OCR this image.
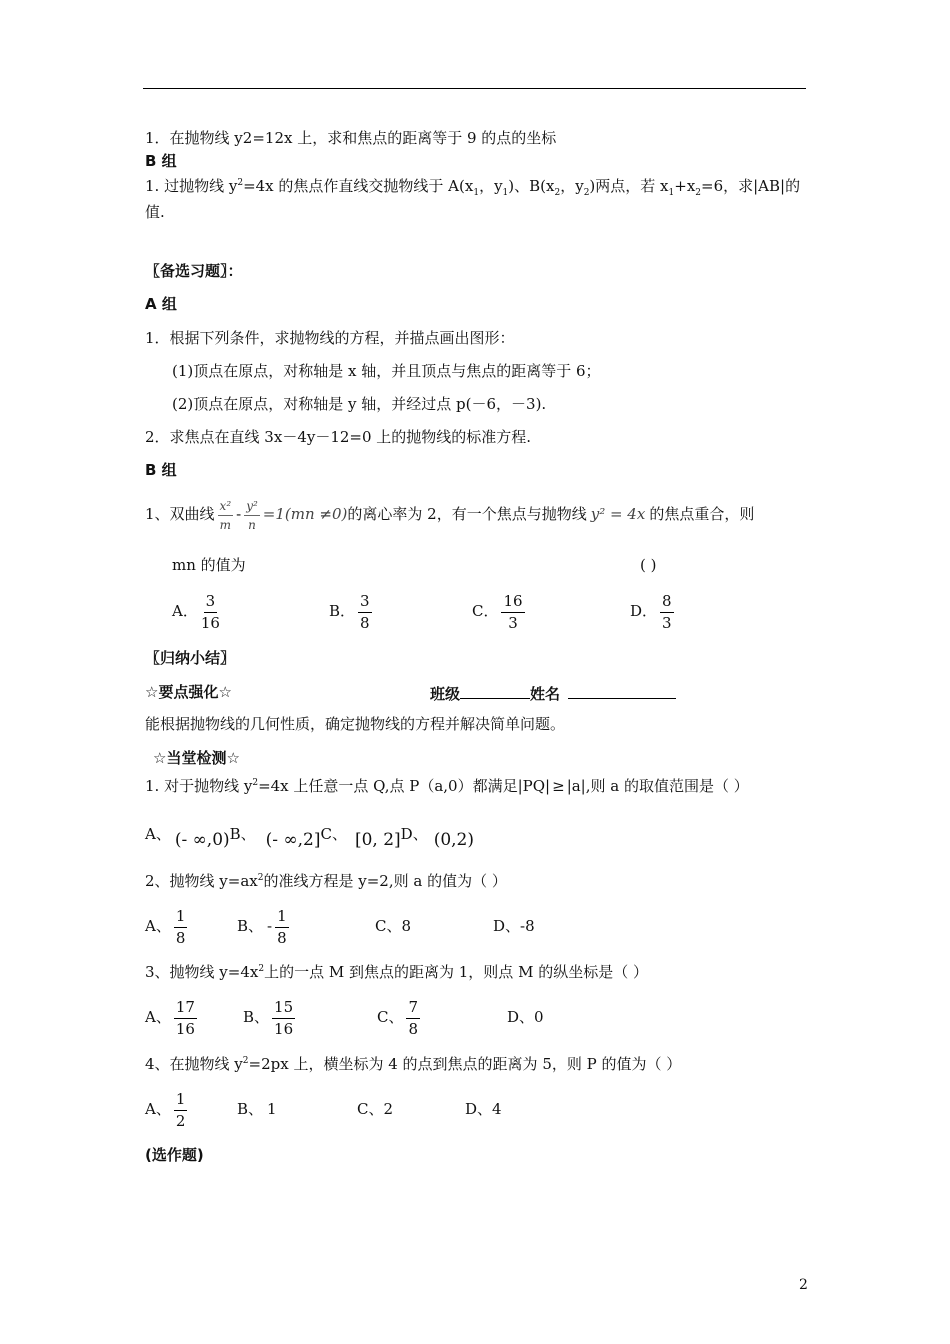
1．在抛物线 y2=12x 上，求和焦点的距离等于 9 的点的坐标
B 组
1. 过抛物线 $y^2=4x$ 的焦点作直线交抛物线于 $A(x_1$，$y_1$)、$B(x_2$，$y_2$)两点，若 $x_1+x_2=6$，求|AB|的
值.
〖备选习题〗：
A 组
1．根据下列条件，求抛物线的方程，并描点画出图形：
(1)顶点在原点，对称轴是 x 轴，并且顶点与焦点的距离等于 6；
(2)顶点在原点，对称轴是 y 轴，并经过点 p(－6，－3).
2．求焦点在直线 3x－4y－12=0 上的抛物线的标准方程.
B 组
1、双曲线 $\frac{\text{x²}}{m} - \frac{\text{y²}}{n} =1(mn \ne 0)$的离心率为 2，有一个焦点与抛物线 y² = 4x 的焦点重合，则
mn 的值为	( )
A． $\frac{3}{16}$	B． $\frac{3}{8}$	C． $\frac{16}{3}$	D． $\frac{8}{3}$
〖归纳小结〗
☆要点强化☆	班级	姓名
能根据抛物线的几何性质，确定抛物线的方程并解决简单问题。
☆当堂检测☆
1. 对于抛物线 $y^2=4x$ 上任意一点 Q,点 P（a,0）都满足|PQ| ≥ |a|,则 a 的取值范围是（ ）
A、 (- ∞,0)B、 (- ∞,2]C、 [0, 2]D、 (0,2)
2、抛物线 $y=ax^2$的准线方程是 y=2,则 a 的值为（ ）
A、 $\frac{1}{8}$	B、 - $\frac{1}{8}$	C、8	D、-8
3、抛物线 $y=4x^2$上的一点 M 到焦点的距离为 1，则点 M 的纵坐标是（ ）
A、 $\frac{17}{16}$	B、 $\frac{15}{16}$	C、 $\frac{7}{8}$	D、0
4、在抛物线 $y^2=2px$ 上，横坐标为 4 的点到焦点的距离为 5，则 P 的值为（ ）
A、 $\frac{1}{2}$	B、 1	C、2	D、4
(选作题)
2
